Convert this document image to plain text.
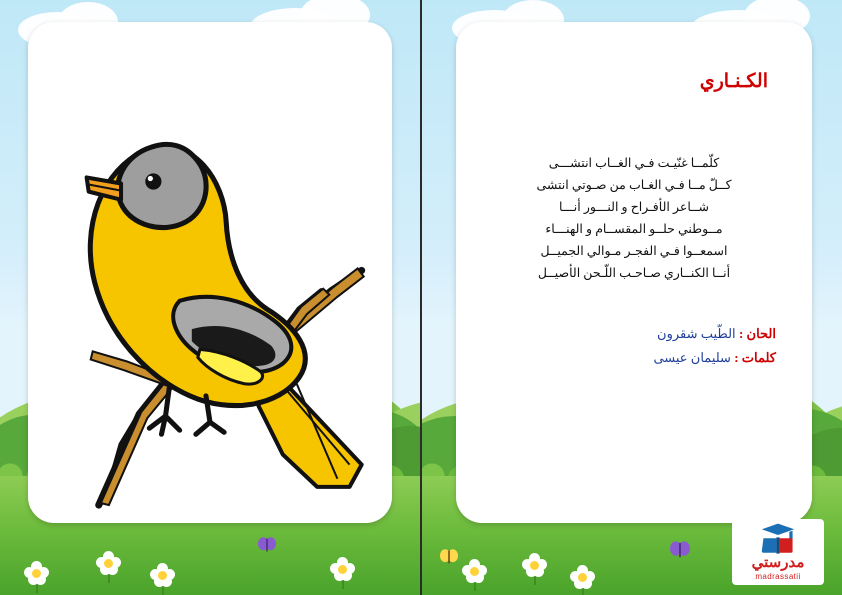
الكـنـاري
كلّمــا غنّيـت فـي الغــاب انتشـــى
كــلّ مــا فـي الغـاب من صـوتي انتشى
شــاعر الأفـراح و النـــور أنـــا
مــوطني حلــو المقســام و الهنـــاء
اسمعــوا فـي الفجـر مـوالي الجميــل
أنــا الكنــاري صـاحـب اللّـحن الأصيــل
الحان : الطّيب شقرون
كلمات : سليمان عيسى
مدرستي
madrassatii
